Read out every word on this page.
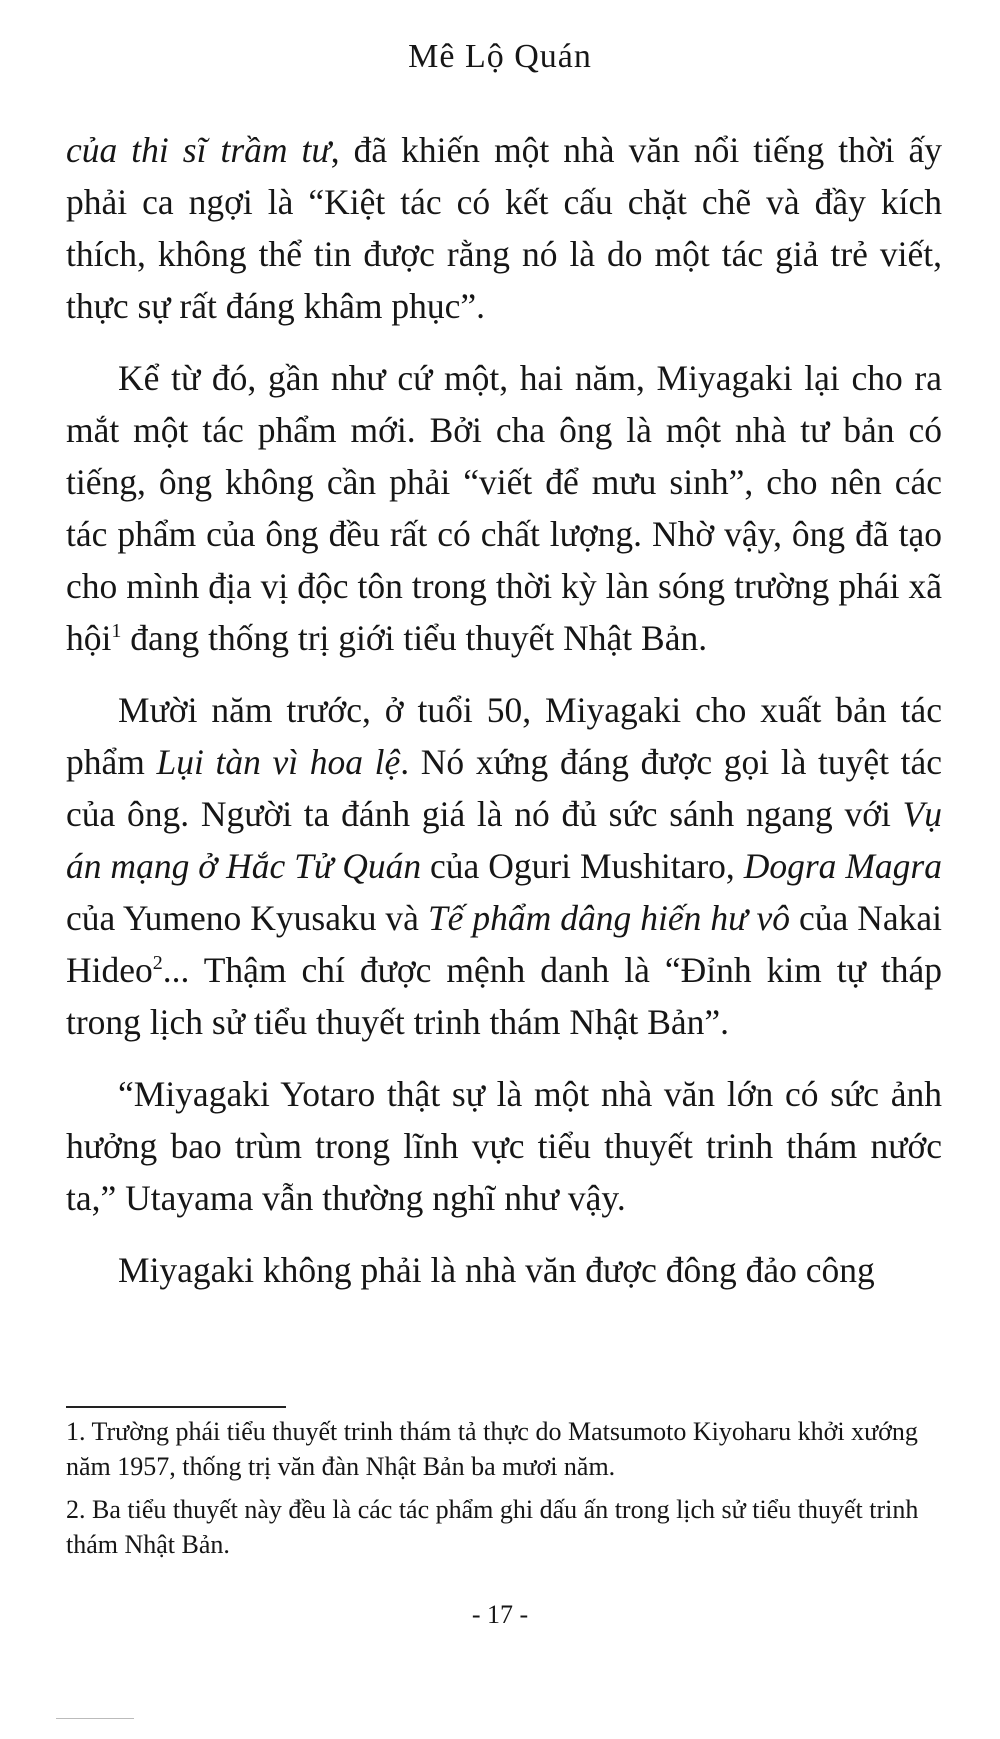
Mê Lộ Quán

của thi sĩ trầm tư, đã khiến một nhà văn nổi tiếng thời ấy phải ca ngợi là “Kiệt tác có kết cấu chặt chẽ và đầy kích thích, không thể tin được rằng nó là do một tác giả trẻ viết, thực sự rất đáng khâm phục”.

Kể từ đó, gần như cứ một, hai năm, Miyagaki lại cho ra mắt một tác phẩm mới. Bởi cha ông là một nhà tư bản có tiếng, ông không cần phải “viết để mưu sinh”, cho nên các tác phẩm của ông đều rất có chất lượng. Nhờ vậy, ông đã tạo cho mình địa vị độc tôn trong thời kỳ làn sóng trường phái xã hội$^1$ đang thống trị giới tiểu thuyết Nhật Bản.

Mười năm trước, ở tuổi 50, Miyagaki cho xuất bản tác phẩm Lụi tàn vì hoa lệ. Nó xứng đáng được gọi là tuyệt tác của ông. Người ta đánh giá là nó đủ sức sánh ngang với Vụ án mạng ở Hắc Tử Quán của Oguri Mushitaro, Dogra Magra của Yumeno Kyusaku và Tế phẩm dâng hiến hư vô của Nakai Hideo$^2$... Thậm chí được mệnh danh là “Đỉnh kim tự tháp trong lịch sử tiểu thuyết trinh thám Nhật Bản”.

“Miyagaki Yotaro thật sự là một nhà văn lớn có sức ảnh hưởng bao trùm trong lĩnh vực tiểu thuyết trinh thám nước ta,” Utayama vẫn thường nghĩ như vậy.

Miyagaki không phải là nhà văn được đông đảo công

1. Trường phái tiểu thuyết trinh thám tả thực do Matsumoto Kiyoharu khởi xướng năm 1957, thống trị văn đàn Nhật Bản ba mươi năm.

2. Ba tiểu thuyết này đều là các tác phẩm ghi dấu ấn trong lịch sử tiểu thuyết trinh thám Nhật Bản.

- 17 -
